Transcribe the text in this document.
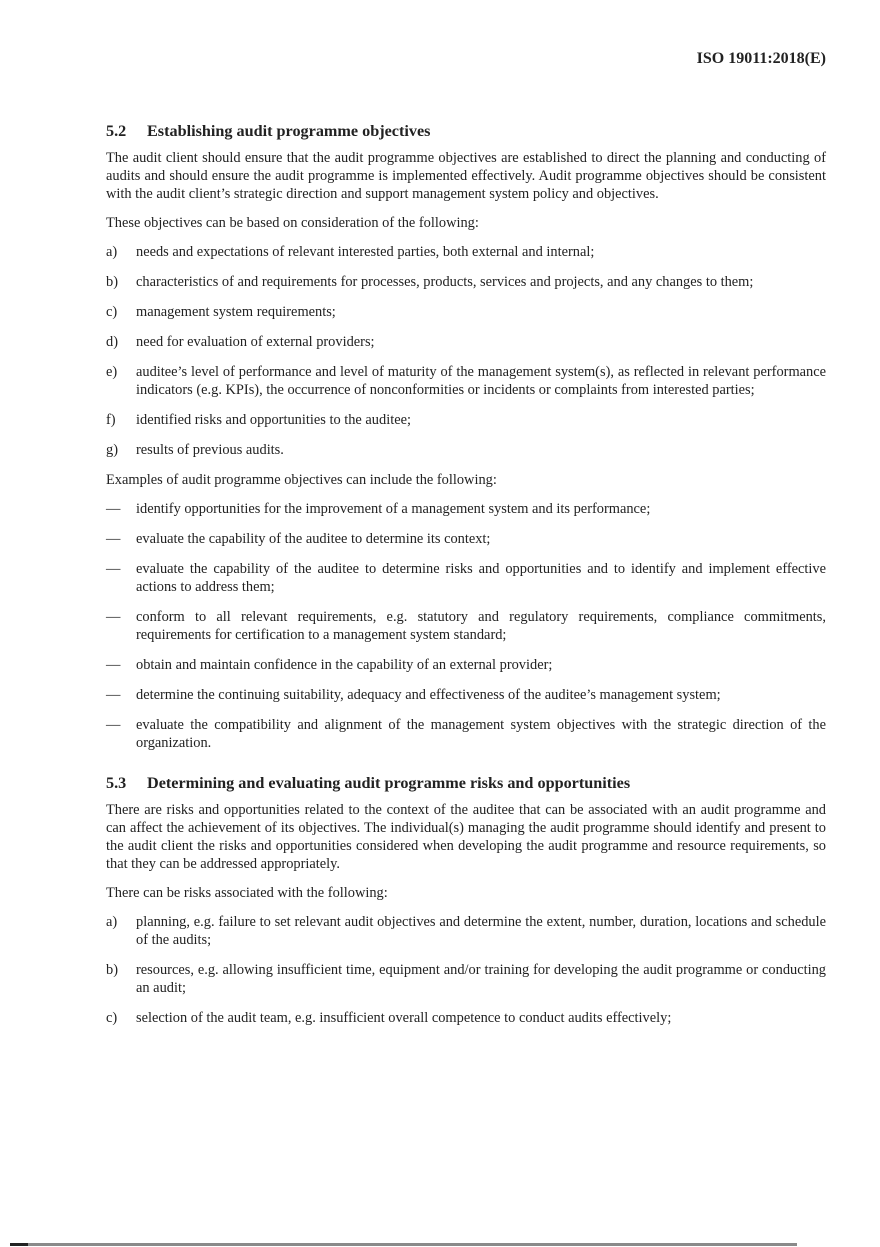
ISO 19011:2018(E)
5.2	Establishing audit programme objectives

The audit client should ensure that the audit programme objectives are established to direct the planning and conducting of audits and should ensure the audit programme is implemented effectively. Audit programme objectives should be consistent with the audit client’s strategic direction and support management system policy and objectives.

These objectives can be based on consideration of the following:

a)	needs and expectations of relevant interested parties, both external and internal;
b)	characteristics of and requirements for processes, products, services and projects, and any changes to them;
c)	management system requirements;
d)	need for evaluation of external providers;
e)	auditee’s level of performance and level of maturity of the management system(s), as reflected in relevant performance indicators (e.g. KPIs), the occurrence of nonconformities or incidents or complaints from interested parties;
f)	identified risks and opportunities to the auditee;
g)	results of previous audits.

Examples of audit programme objectives can include the following:

—	identify opportunities for the improvement of a management system and its performance;
—	evaluate the capability of the auditee to determine its context;
—	evaluate the capability of the auditee to determine risks and opportunities and to identify and implement effective actions to address them;
—	conform to all relevant requirements, e.g. statutory and regulatory requirements, compliance commitments, requirements for certification to a management system standard;
—	obtain and maintain confidence in the capability of an external provider;
—	determine the continuing suitability, adequacy and effectiveness of the auditee’s management system;
—	evaluate the compatibility and alignment of the management system objectives with the strategic direction of the organization.
5.3	Determining and evaluating audit programme risks and opportunities

There are risks and opportunities related to the context of the auditee that can be associated with an audit programme and can affect the achievement of its objectives. The individual(s) managing the audit programme should identify and present to the audit client the risks and opportunities considered when developing the audit programme and resource requirements, so that they can be addressed appropriately.

There can be risks associated with the following:

a)	planning, e.g. failure to set relevant audit objectives and determine the extent, number, duration, locations and schedule of the audits;
b)	resources, e.g. allowing insufficient time, equipment and/or training for developing the audit programme or conducting an audit;
c)	selection of the audit team, e.g. insufficient overall competence to conduct audits effectively;
